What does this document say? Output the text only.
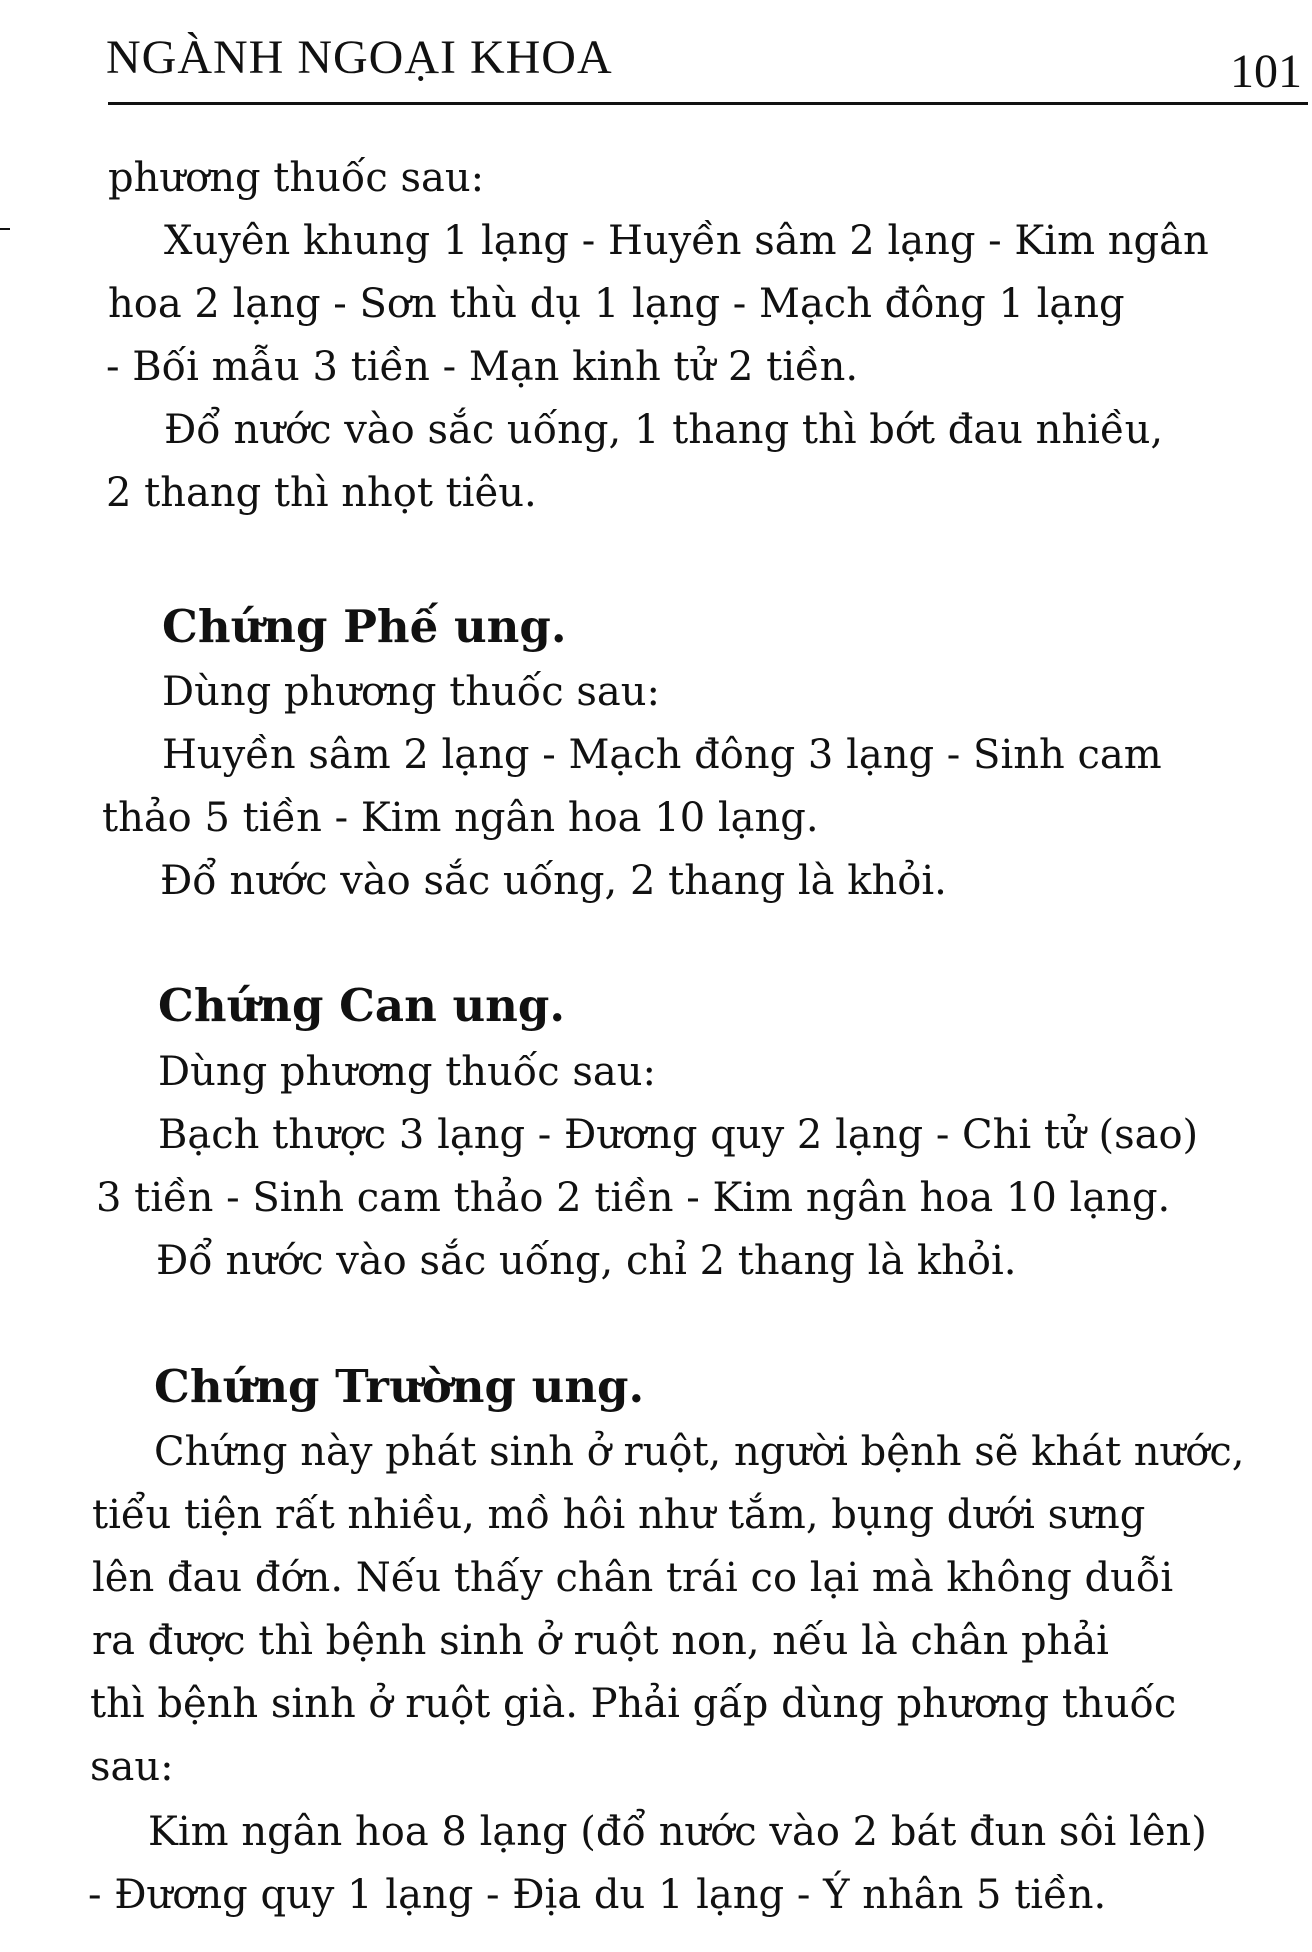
NGÀNH NGOẠI KHOA	101
phương thuốc sau:
Xuyên khung 1 lạng - Huyền sâm 2 lạng - Kim ngân
hoa 2 lạng - Sơn thù dụ 1 lạng - Mạch đông 1 lạng
- Bối mẫu 3 tiền - Mạn kinh tử 2 tiền.
Đổ nước vào sắc uống, 1 thang thì bớt đau nhiều,
2 thang thì nhọt tiêu.
Chứng Phế ung.
Dùng phương thuốc sau:
Huyền sâm 2 lạng - Mạch đông 3 lạng - Sinh cam
thảo 5 tiền - Kim ngân hoa 10 lạng.
Đổ nước vào sắc uống, 2 thang là khỏi.
Chứng Can ung.
Dùng phương thuốc sau:
Bạch thược 3 lạng - Đương quy 2 lạng - Chi tử (sao)
3 tiền - Sinh cam thảo 2 tiền - Kim ngân hoa 10 lạng.
Đổ nước vào sắc uống, chỉ 2 thang là khỏi.
Chứng Trường ung.
Chứng này phát sinh ở ruột, người bệnh sẽ khát nước,
tiểu tiện rất nhiều, mồ hôi như tắm, bụng dưới sưng
lên đau đớn. Nếu thấy chân trái co lại mà không duỗi
ra được thì bệnh sinh ở ruột non, nếu là chân phải
thì bệnh sinh ở ruột già. Phải gấp dùng phương thuốc
sau:
Kim ngân hoa 8 lạng (đổ nước vào 2 bát đun sôi lên)
- Đương quy 1 lạng - Địa du 1 lạng - Ý nhân 5 tiền.
